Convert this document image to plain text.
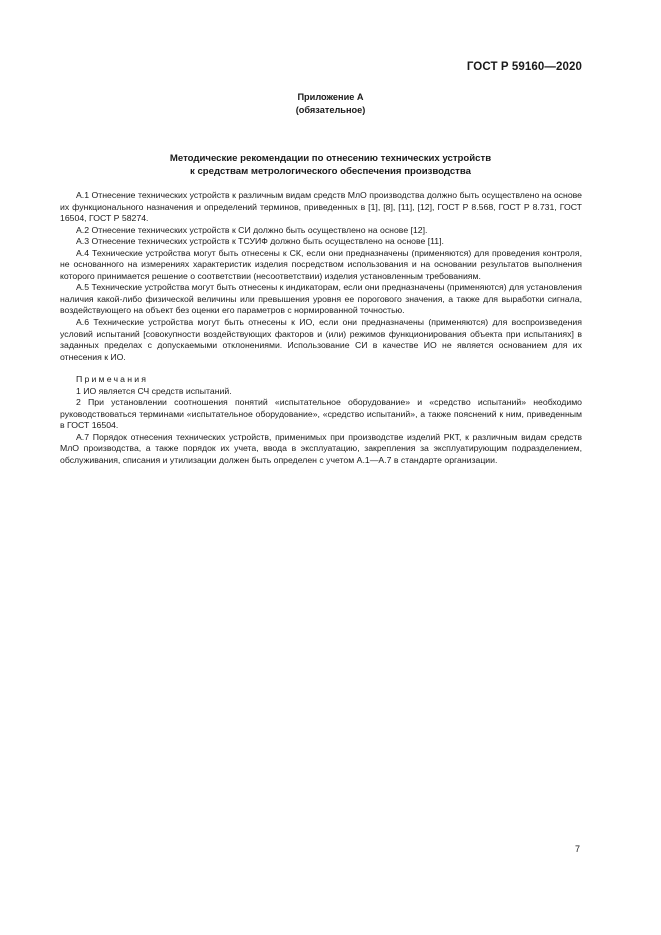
ГОСТ Р 59160—2020
Приложение А
(обязательное)
Методические рекомендации по отнесению технических устройств
к средствам метрологического обеспечения производства

А.1 Отнесение технических устройств к различным видам средств МлО производства должно быть осуществлено на основе их функционального назначения и определений терминов, приведенных в [1], [8], [11], [12], ГОСТ Р 8.568, ГОСТ Р 8.731, ГОСТ 16504, ГОСТ Р 58274.

А.2 Отнесение технических устройств к СИ должно быть осуществлено на основе [12].

А.3 Отнесение технических устройств к ТСУИФ должно быть осуществлено на основе [11].

А.4 Технические устройства могут быть отнесены к СК, если они предназначены (применяются) для проведения контроля, не основанного на измерениях характеристик изделия посредством использования и на основании результатов выполнения которого принимается решение о соответствии (несоответствии) изделия установленным требованиям.

А.5 Технические устройства могут быть отнесены к индикаторам, если они предназначены (применяются) для установления наличия какой-либо физической величины или превышения уровня ее порогового значения, а также для выработки сигнала, воздействующего на объект без оценки его параметров с нормированной точностью.

А.6 Технические устройства могут быть отнесены к ИО, если они предназначены (применяются) для воспроизведения условий испытаний [совокупности воздействующих факторов и (или) режимов функционирования объекта при испытаниях] в заданных пределах с допускаемыми отклонениями. Использование СИ в качестве ИО не является основанием для их отнесения к ИО.

Примечания

1 ИО является СЧ средств испытаний.

2 При установлении соотношения понятий «испытательное оборудование» и «средство испытаний» необходимо руководствоваться терминами «испытательное оборудование», «средство испытаний», а также пояснений к ним, приведенным в ГОСТ 16504.

А.7 Порядок отнесения технических устройств, применимых при производстве изделий РКТ, к различным видам средств МлО производства, а также порядок их учета, ввода в эксплуатацию, закрепления за эксплуатирующим подразделением, обслуживания, списания и утилизации должен быть определен с учетом А.1—А.7 в стандарте организации.

7
